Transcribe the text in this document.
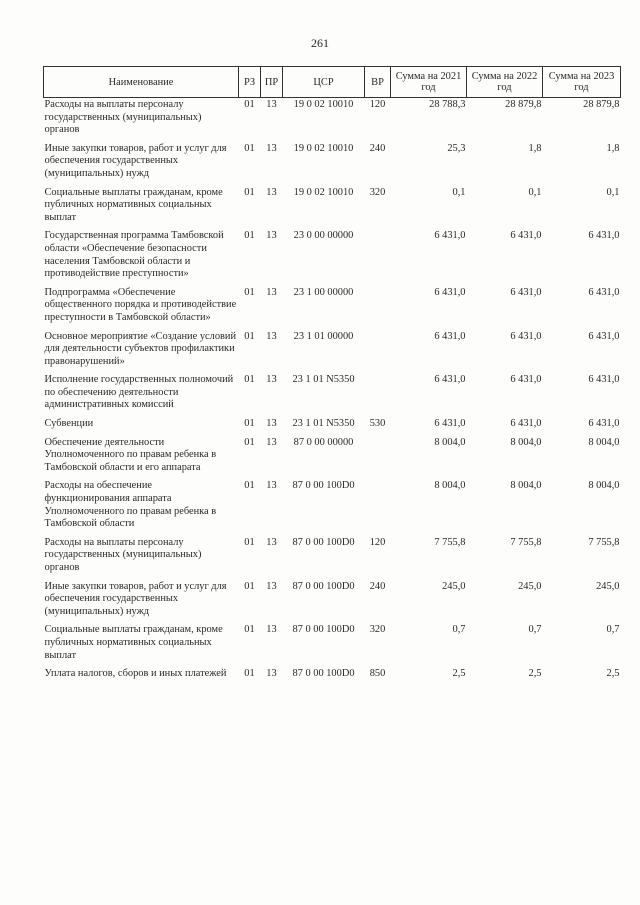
261
Наименование	РЗ	ПР	ЦСР	ВР	Сумма на 2021 год	Сумма на 2022 год	Сумма на 2023 год
Расходы на выплаты персоналу государственных (муниципальных) органов	01	13	19 0 02 10010	120	28 788,3	28 879,8	28 879,8
Иные закупки товаров, работ и услуг для обеспечения государственных (муниципальных) нужд	01	13	19 0 02 10010	240	25,3	1,8	1,8
Социальные выплаты гражданам, кроме публичных нормативных социальных выплат	01	13	19 0 02 10010	320	0,1	0,1	0,1
Государственная программа Тамбовской области «Обеспечение безопасности населения Тамбовской области и противодействие преступности»	01	13	23 0 00 00000		6 431,0	6 431,0	6 431,0
Подпрограмма «Обеспечение общественного порядка и противодействие преступности в Тамбовской области»	01	13	23 1 00 00000		6 431,0	6 431,0	6 431,0
Основное мероприятие «Создание условий для деятельности субъектов профилактики правонарушений»	01	13	23 1 01 00000		6 431,0	6 431,0	6 431,0
Исполнение государственных полномочий по обеспечению деятельности административных комиссий	01	13	23 1 01 N5350		6 431,0	6 431,0	6 431,0
Субвенции	01	13	23 1 01 N5350	530	6 431,0	6 431,0	6 431,0
Обеспечение деятельности Уполномоченного по правам ребенка в Тамбовской области и его аппарата	01	13	87 0 00 00000		8 004,0	8 004,0	8 004,0
Расходы на обеспечение функционирования аппарата Уполномоченного по правам ребенка в Тамбовской области	01	13	87 0 00 100D0		8 004,0	8 004,0	8 004,0
Расходы на выплаты персоналу государственных (муниципальных) органов	01	13	87 0 00 100D0	120	7 755,8	7 755,8	7 755,8
Иные закупки товаров, работ и услуг для обеспечения государственных (муниципальных) нужд	01	13	87 0 00 100D0	240	245,0	245,0	245,0
Социальные выплаты гражданам, кроме публичных нормативных социальных выплат	01	13	87 0 00 100D0	320	0,7	0,7	0,7
Уплата налогов, сборов и иных платежей	01	13	87 0 00 100D0	850	2,5	2,5	2,5
